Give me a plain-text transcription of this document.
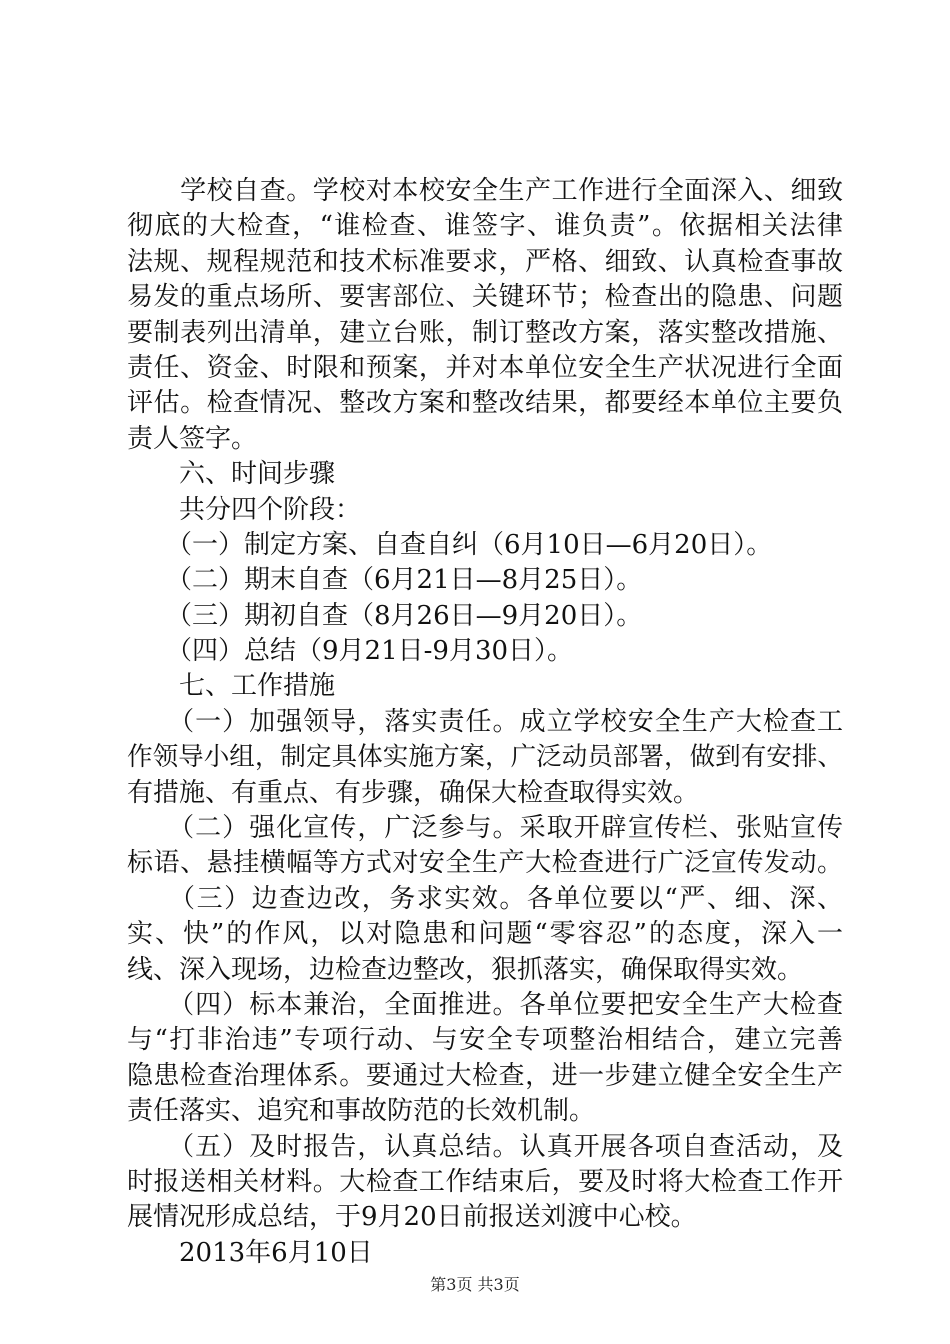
　　学校自查。学校对本校安全生产工作进行全面深入、细致
彻底的大检查，“谁检查、谁签字、谁负责”。依据相关法律
法规、规程规范和技术标准要求，严格、细致、认真检查事故
易发的重点场所、要害部位、关键环节；检查出的隐患、问题
要制表列出清单，建立台账，制订整改方案，落实整改措施、
责任、资金、时限和预案，并对本单位安全生产状况进行全面
评估。检查情况、整改方案和整改结果，都要经本单位主要负
责人签字。
　　六、时间步骤
　　共分四个阶段：
　　（一）制定方案、自查自纠（6月10日—6月20日）。
　　（二）期末自查（6月21日—8月25日）。
　　（三）期初自查（8月26日—9月20日）。
　　（四）总结（9月21日-9月30日）。
　　七、工作措施
　　（一）加强领导，落实责任。成立学校安全生产大检查工
作领导小组，制定具体实施方案，广泛动员部署，做到有安排、
有措施、有重点、有步骤，确保大检查取得实效。
　　（二）强化宣传，广泛参与。采取开辟宣传栏、张贴宣传
标语、悬挂横幅等方式对安全生产大检查进行广泛宣传发动。
　　（三）边查边改，务求实效。各单位要以“严、细、深、
实、快”的作风，以对隐患和问题“零容忍”的态度，深入一
线、深入现场，边检查边整改，狠抓落实，确保取得实效。
　　（四）标本兼治，全面推进。各单位要把安全生产大检查
与“打非治违”专项行动、与安全专项整治相结合，建立完善
隐患检查治理体系。要通过大检查，进一步建立健全安全生产
责任落实、追究和事故防范的长效机制。
　　（五）及时报告，认真总结。认真开展各项自查活动，及
时报送相关材料。大检查工作结束后，要及时将大检查工作开
展情况形成总结，于9月20日前报送刘渡中心校。
　　2013年6月10日
第3页 共3页
